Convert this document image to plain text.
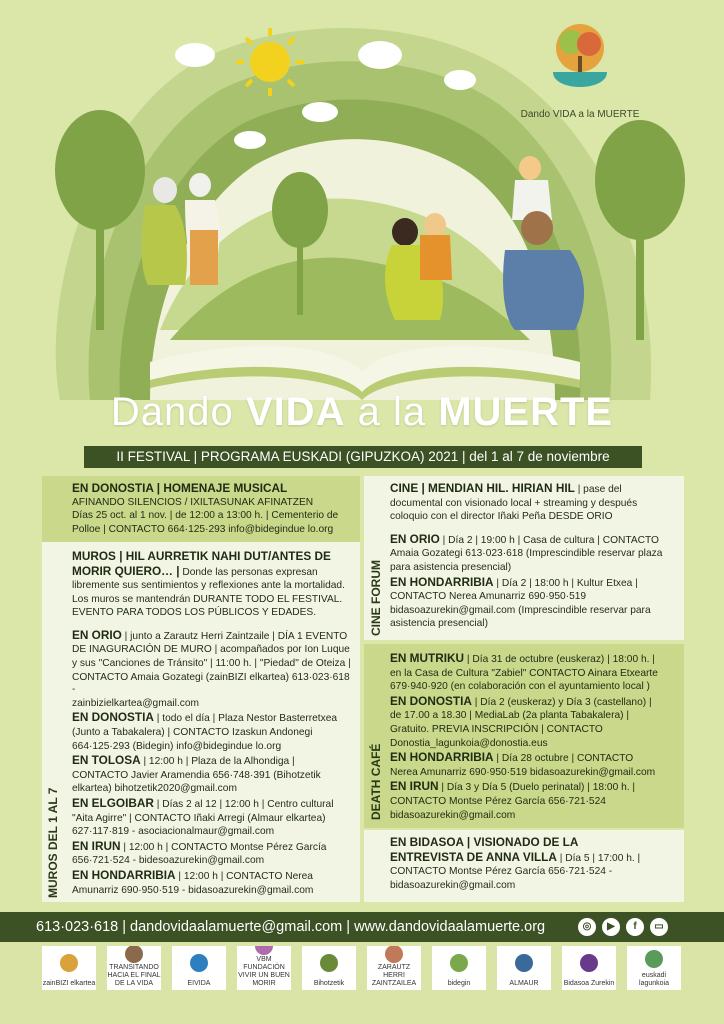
Dando VIDA a la MUERTE
Dando VIDA a la MUERTE
II FESTIVAL | PROGRAMA EUSKADI (GIPUZKOA) 2021 | del 1 al 7 de noviembre

EN DONOSTIA | HOMENAJE MUSICAL

AFINANDO SILENCIOS / IXILTASUNAK AFINATZEN

Días 25 oct. al 1 nov. | de 12:00 a 13:00 h. | Cementerio de

Polloe | CONTACTO 664·125·293 info@bidegindue lo.org

MUROS | HIL AURRETIK NAHI DUT/ANTES DE

MORIR QUIERO… | Donde las personas expresan

libremente sus sentimientos y reflexiones ante la mortalidad.

Los muros se mantendrán DURANTE TODO EL FESTIVAL.

EVENTO PARA TODOS LOS PÚBLICOS Y EDADES.

EN ORIO | junto a Zarautz Herri Zaintzaile | DÍA 1 EVENTO

DE INAGURACIÓN DE MURO | acompañados por Ion Luque

y sus "Canciones de Tránsito" | 11:00 h. | "Piedad" de Oteiza |

CONTACTO Amaia Gozategi (zainBIZI elkartea) 613·023·618 -

zainbizielkartea@gmail.com

EN DONOSTIA | todo el día | Plaza Nestor Basterretxea

(Junto a Tabakalera) | CONTACTO Izaskun Andonegi

664·125·293 (Bidegin) info@bidegindue lo.org

EN TOLOSA | 12:00 h | Plaza de la Alhondiga |

CONTACTO Javier Aramendia 656·748·391 (Bihotzetik

elkartea) bihotzetik2020@gmail.com

EN ELGOIBAR | Días 2 al 12 | 12:00 h | Centro cultural

"Aita Agirre" | CONTACTO Iñaki Arregi (Almaur elkartea)

627·117·819 - asociacionalmaur@gmail.com

EN IRUN | 12:00 h | CONTACTO Montse Pérez García

656·721·524 - bidesoazurekin@gmail.com

EN HONDARRIBIA | 12:00 h | CONTACTO Nerea

Amunarriz 690·950·519 - bidasoazurekin@gmail.com

MUROS DEL 1 AL 7

CINE | MENDIAN HIL. HIRIAN HIL | pase del

documental con visionado local + streaming y después

coloquio con el director Iñaki Peña DESDE ORIO

EN ORIO | Día 2 | 19:00 h | Casa de cultura | CONTACTO

Amaia Gozategi 613·023·618 (Imprescindible reservar plaza

para asistencia presencial)

EN HONDARRIBIA | Día 2 | 18:00 h | Kultur Etxea |

CONTACTO Nerea Amunarriz 690·950·519

bidasoazurekin@gmail.com (Imprescindible reservar para

asistencia presencial)

CINE FORUM

EN MUTRIKU | Día 31 de octubre (euskeraz) | 18:00 h. |

en la Casa de Cultura "Zabiel" CONTACTO Ainara Etxearte

679·940·920 (en colaboración con el ayuntamiento local )

EN DONOSTIA | Día 2 (euskeraz) y Día 3 (castellano) |

de 17.00 a 18.30 | MediaLab (2a planta Tabakalera) |

Gratuito. PREVIA INSCRIPCIÓN | CONTACTO

Donostia_lagunkoia@donostia.eus

EN HONDARRIBIA | Día 28 octubre | CONTACTO

Nerea Amunarriz 690·950·519 bidasoazurekin@gmail.com

EN IRUN | Día 3 y Día 5 (Duelo perinatal) | 18:00 h. |

CONTACTO Montse Pérez García 656·721·524

bidasoazurekin@gmail.com

DEATH CAFÉ

EN BIDASOA | VISIONADO DE LA

ENTREVISTA DE ANNA VILLA | Día 5 | 17:00 h. |

CONTACTO Montse Pérez García 656·721·524 -

bidasoazurekin@gmail.com

613·023·618 | dandovidaalamuerte@gmail.com | www.dandovidaalamuerte.org	◎	▶	f	▭
zainBIZI elkartea
TRANSITANDO HACIA EL FINAL DE LA VIDA	EIVIDA
VBM FUNDACIÓN VIVIR UN BUEN MORIR	Bihotzetik
ZARAUTZ HERRI ZAINTZAILEA	bidegin	ALMAUR	Bidasoa Zurekin
euskadi lagunkoia
